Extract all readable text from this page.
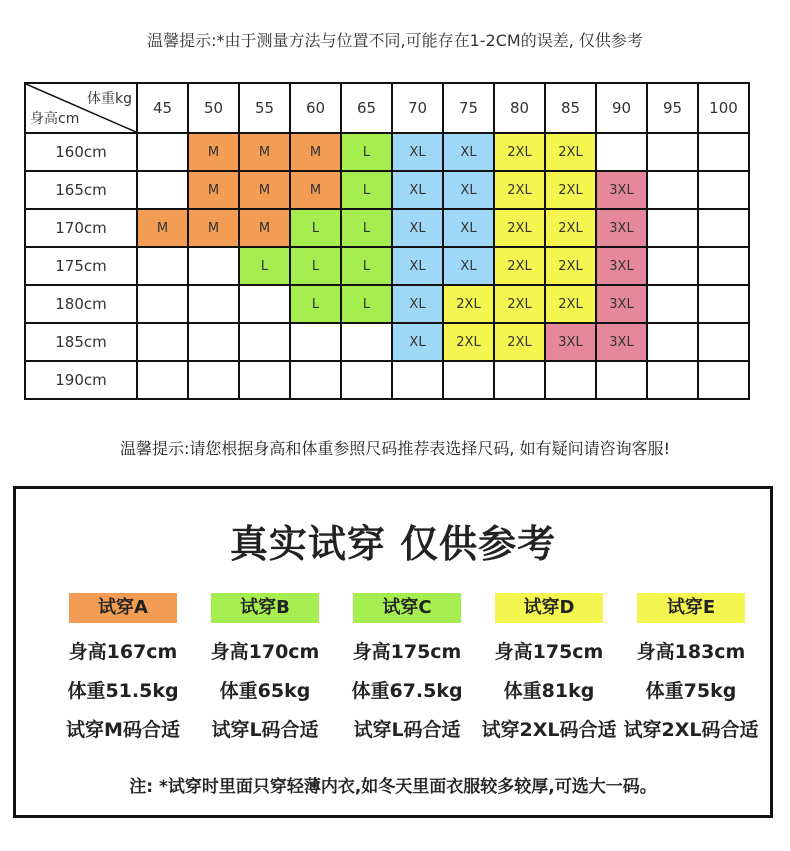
温馨提示:*由于测量方法与位置不同,可能存在1-2CM的误差, 仅供参考
体重kg
身高cm	45	50	55	60	65	70	75	80	85	90	95	100
160cm		M	M	M	L	XL	XL	2XL	2XL			
165cm		M	M	M	L	XL	XL	2XL	2XL	3XL		
170cm	M	M	M	L	L	XL	XL	2XL	2XL	3XL		
175cm			L	L	L	XL	XL	2XL	2XL	3XL		
180cm				L	L	XL	2XL	2XL	2XL	3XL		
185cm						XL	2XL	2XL	3XL	3XL		
190cm												
温馨提示:请您根据身高和体重参照尺码推荐表选择尺码, 如有疑问请咨询客服!
真实试穿 仅供参考
试穿A
身高167cm
体重51.5kg
试穿M码合适
试穿B
身高170cm
体重65kg
试穿L码合适
试穿C
身高175cm
体重67.5kg
试穿L码合适
试穿D
身高175cm
体重81kg
试穿2XL码合适
试穿E
身高183cm
体重75kg
试穿2XL码合适
注: *试穿时里面只穿轻薄内衣,如冬天里面衣服较多较厚,可选大一码。
